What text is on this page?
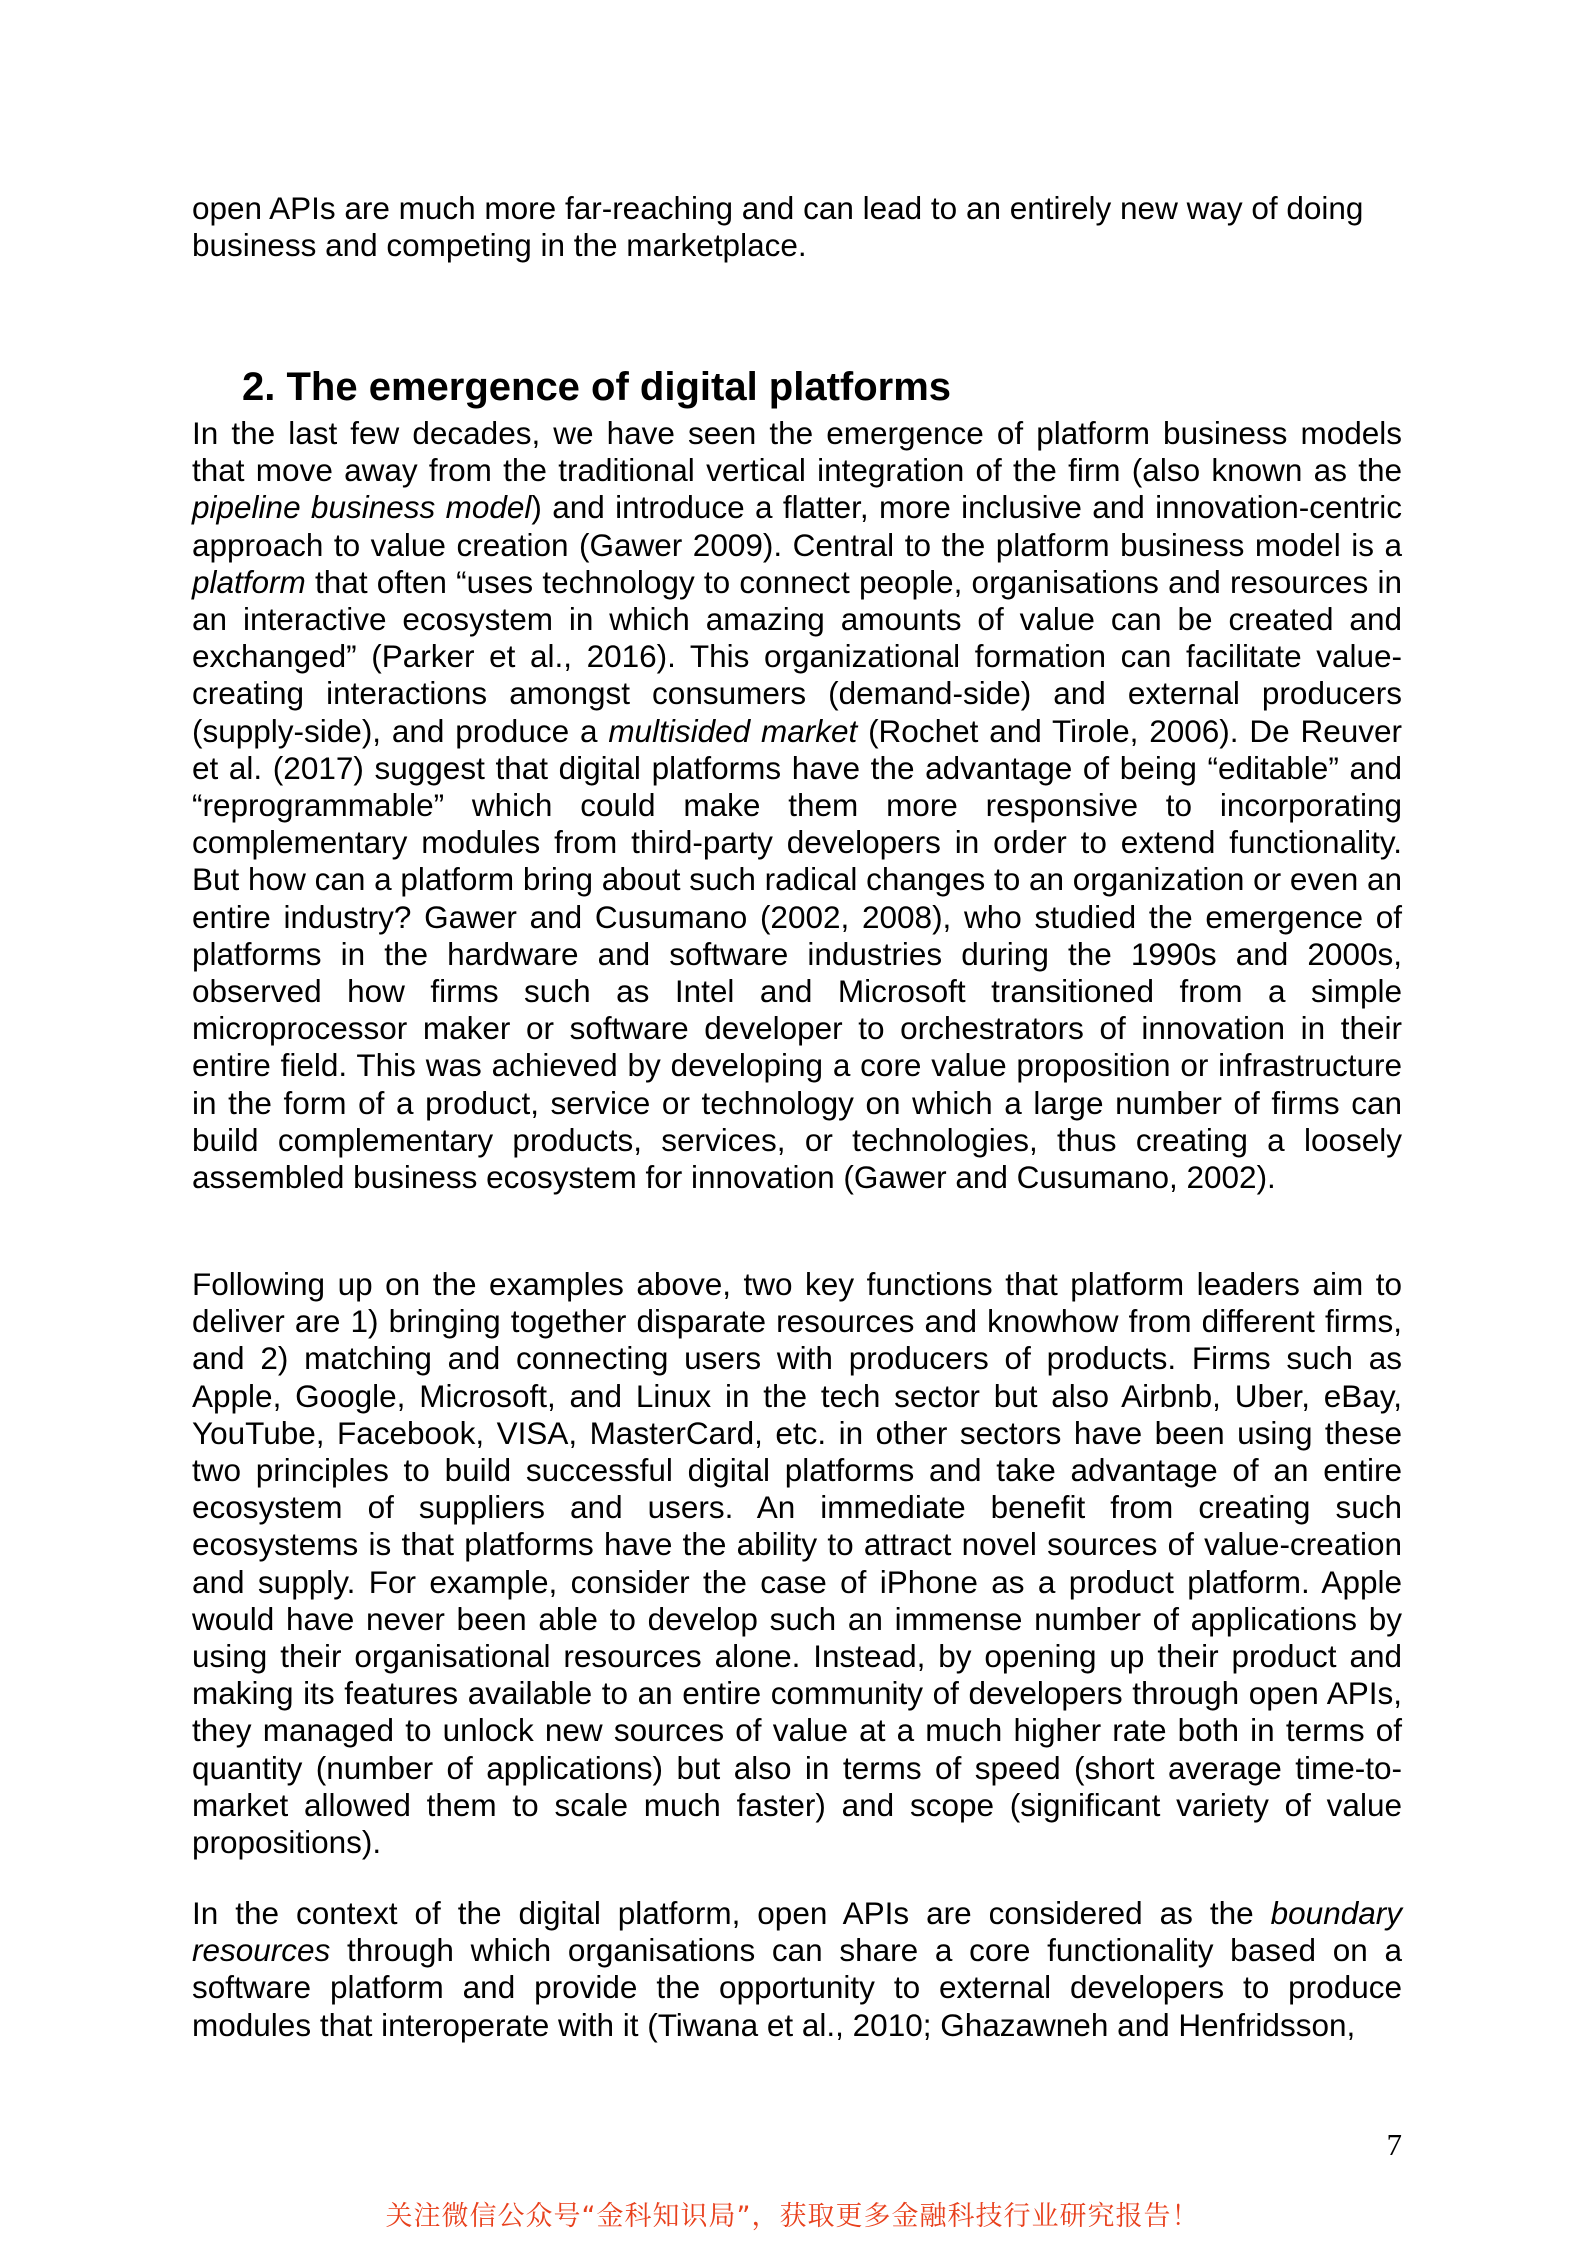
open APIs are much more far-reaching and can lead to an entirely new way of doing business and competing in the marketplace.

2. The emergence of digital platforms

In the last few decades, we have seen the emergence of platform business models that move away from the traditional vertical integration of the firm (also known as the pipeline business model) and introduce a flatter, more inclusive and innovation-centric approach to value creation (Gawer 2009). Central to the platform business model is a platform that often “uses technology to connect people, organisations and resources in an interactive ecosystem in which amazing amounts of value can be created and exchanged” (Parker et al., 2016). This organizational formation can facilitate value-creating interactions amongst consumers (demand-side) and external producers (supply-side), and produce a multisided market (Rochet and Tirole, 2006). De Reuver et al. (2017) suggest that digital platforms have the advantage of being “editable” and “reprogrammable” which could make them more responsive to incorporating complementary modules from third-party developers in order to extend functionality. But how can a platform bring about such radical changes to an organization or even an entire industry? Gawer and Cusumano (2002, 2008), who studied the emergence of platforms in the hardware and software industries during the 1990s and 2000s, observed how firms such as Intel and Microsoft transitioned from a simple microprocessor maker or software developer to orchestrators of innovation in their entire field. This was achieved by developing a core value proposition or infrastructure in the form of a product, service or technology on which a large number of firms can build complementary products, services, or technologies, thus creating a loosely assembled business ecosystem for innovation (Gawer and Cusumano, 2002).

Following up on the examples above, two key functions that platform leaders aim to deliver are 1) bringing together disparate resources and knowhow from different firms, and 2) matching and connecting users with producers of products. Firms such as Apple, Google, Microsoft, and Linux in the tech sector but also Airbnb, Uber, eBay, YouTube, Facebook, VISA, MasterCard, etc. in other sectors have been using these two principles to build successful digital platforms and take advantage of an entire ecosystem of suppliers and users. An immediate benefit from creating such ecosystems is that platforms have the ability to attract novel sources of value-creation and supply. For example, consider the case of iPhone as a product platform. Apple would have never been able to develop such an immense number of applications by using their organisational resources alone. Instead, by opening up their product and making its features available to an entire community of developers through open APIs, they managed to unlock new sources of value at a much higher rate both in terms of quantity (number of applications) but also in terms of speed (short average time-to-market allowed them to scale much faster) and scope (significant variety of value propositions).

In the context of the digital platform, open APIs are considered as the boundary resources through which organisations can share a core functionality based on a software platform and provide the opportunity to external developers to produce modules that interoperate with it (Tiwana et al., 2010; Ghazawneh and Henfridsson,

7
关注微信公众号“金科知识局”，获取更多金融科技行业研究报告！
